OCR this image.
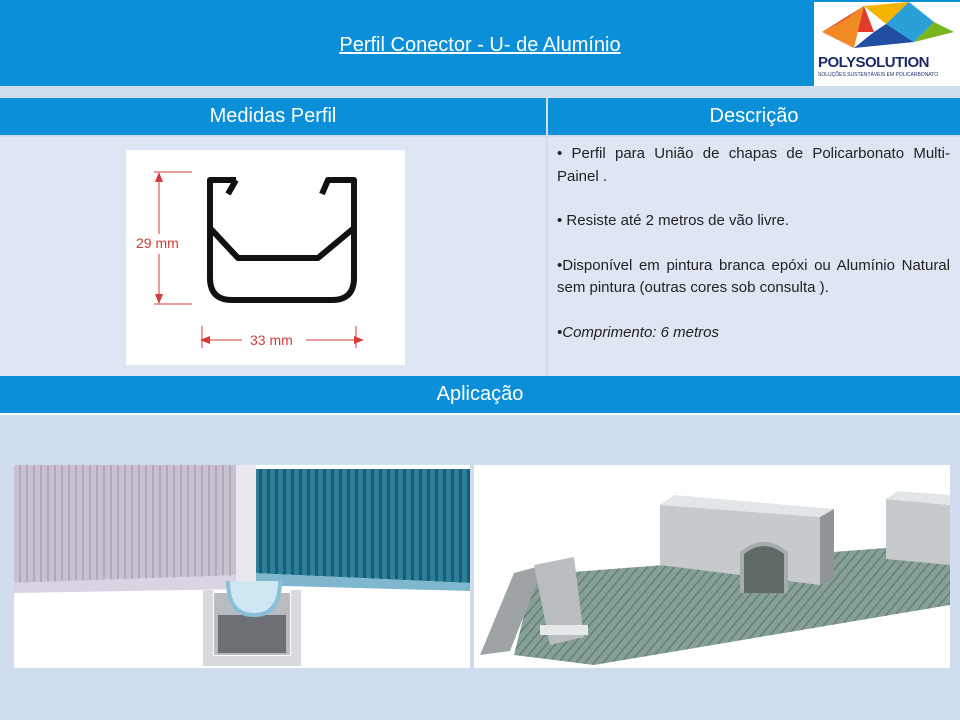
Perfil Conector - U- de Alumínio
POLYSOLUTION
SOLUÇÕES SUSTENTÁVEIS EM POLICARBONATO
Medidas Perfil	Descrição
29 mm
33 mm

• Perfil para União de chapas de Policarbonato Multi-Painel .

• Resiste até 2 metros de vão livre.

•Disponível em pintura branca epóxi ou Alumínio Natural sem pintura (outras cores sob consulta ).

•Comprimento: 6 metros

Aplicação
